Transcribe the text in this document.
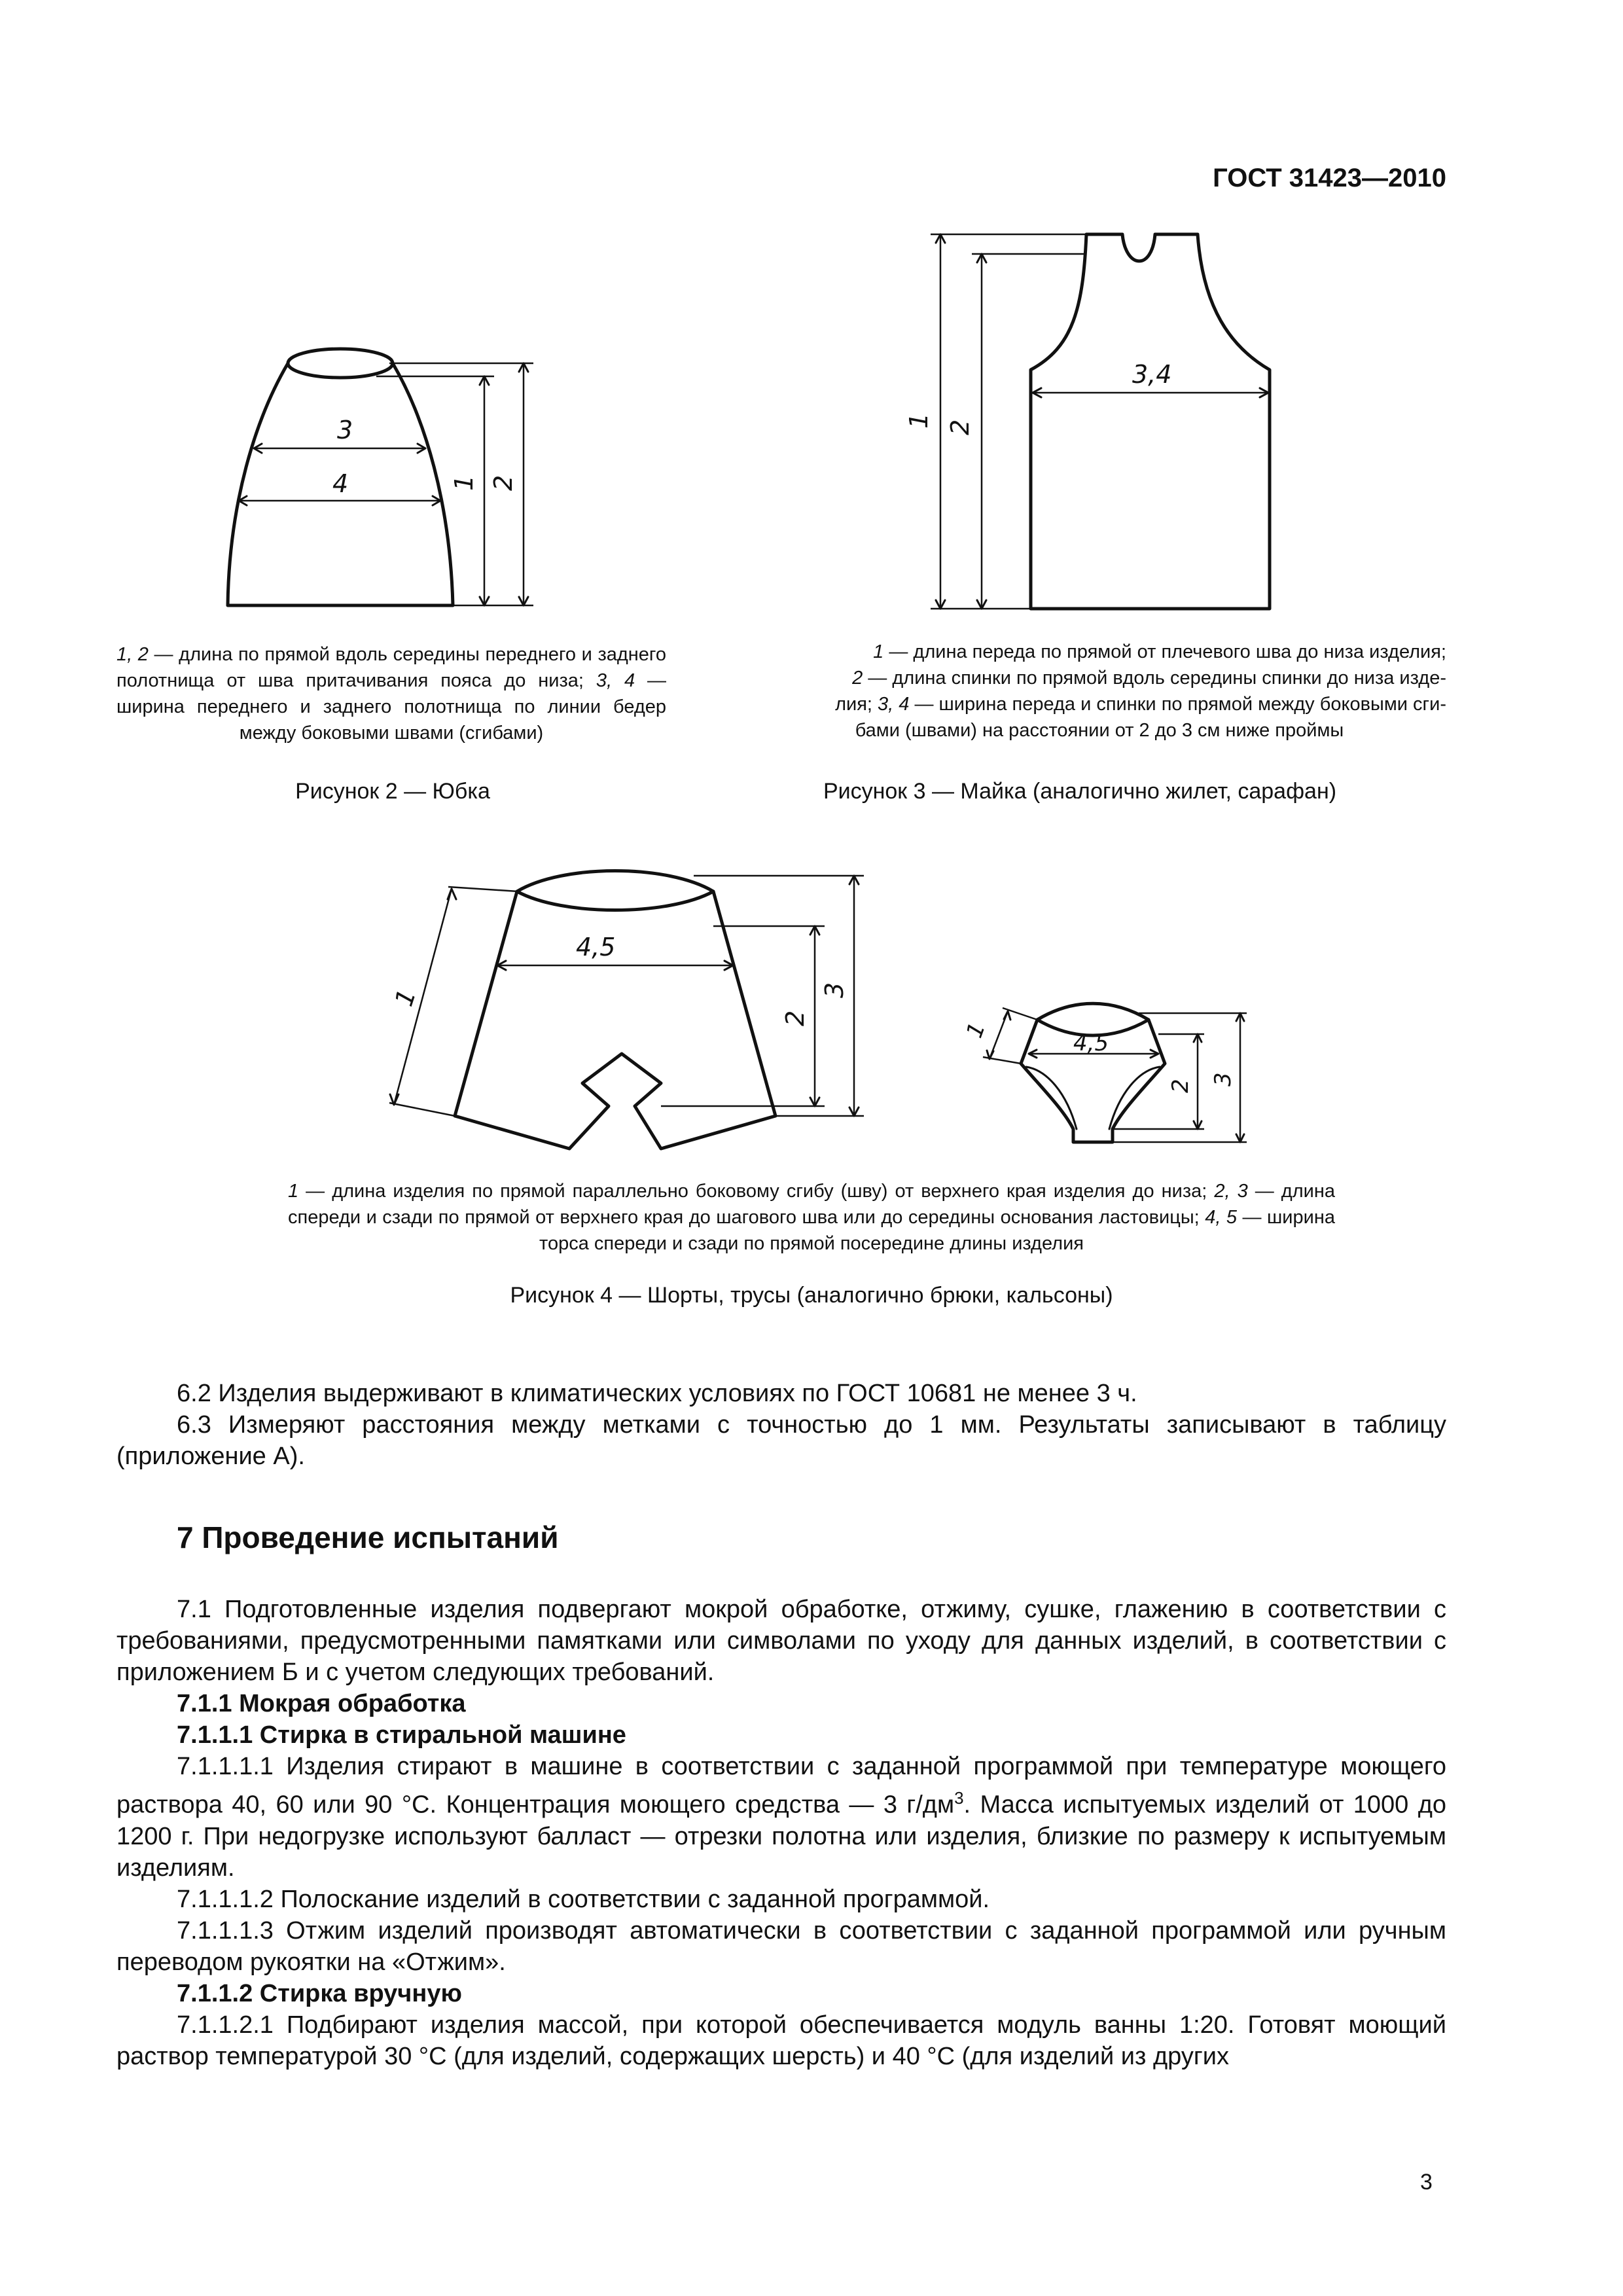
ГОСТ 31423—2010
3
4	1 2
1, 2 — длина по прямой вдоль середины переднего и заднего полотнища от шва притачивания пояса до низа; 3, 4 — ширина переднего и заднего полотнища по линии бедер между боковыми швами (сгибами)
Рисунок 2 — Юбка
3,4
1 2
1 — длина переда по прямой от плечевого шва до низа изделия;
2 — длина спинки по прямой вдоль середины спинки до низа изде-
лия; 3, 4 — ширина переда и спинки по прямой между боковыми сги-
бами (швами) на расстоянии от 2 до 3 см ниже проймы
Рисунок 3 — Майка (аналогично жилет, сарафан)
4,5
1
2
3
4,5
1
2 3
1 — длина изделия по прямой параллельно боковому сгибу (шву) от верхнего края изделия до низа; 2, 3 — длина спереди и сзади по прямой от верхнего края до шагового шва или до середины основания ластовицы; 4, 5 — ширина торса спереди и сзади по прямой посередине длины изделия
Рисунок 4 — Шорты, трусы (аналогично брюки, кальсоны)

6.2 Изделия выдерживают в климатических условиях по ГОСТ 10681 не менее 3 ч.

6.3 Измеряют расстояния между метками с точностью до 1 мм. Результаты записывают в таблицу (приложение А).

7 Проведение испытаний

7.1 Подготовленные изделия подвергают мокрой обработке, отжиму, сушке, глажению в соответствии с требованиями, предусмотренными памятками или символами по уходу для данных изделий, в соответствии с приложением Б и с учетом следующих требований.

7.1.1 Мокрая обработка

7.1.1.1 Стирка в стиральной машине

7.1.1.1.1 Изделия стирают в машине в соответствии с заданной программой при температуре моющего раствора 40, 60 или 90 °C. Концентрация моющего средства — 3 $г/дм^3$. Масса испытуемых изделий от 1000 до 1200 г. При недогрузке используют балласт — отрезки полотна или изделия, близкие по размеру к испытуемым изделиям.

7.1.1.1.2 Полоскание изделий в соответствии с заданной программой.

7.1.1.1.3 Отжим изделий производят автоматически в соответствии с заданной программой или ручным переводом рукоятки на «Отжим».

7.1.1.2 Стирка вручную

7.1.1.2.1 Подбирают изделия массой, при которой обеспечивается модуль ванны 1:20. Готовят моющий раствор температурой 30 °C (для изделий, содержащих шерсть) и 40 °C (для изделий из других

3
